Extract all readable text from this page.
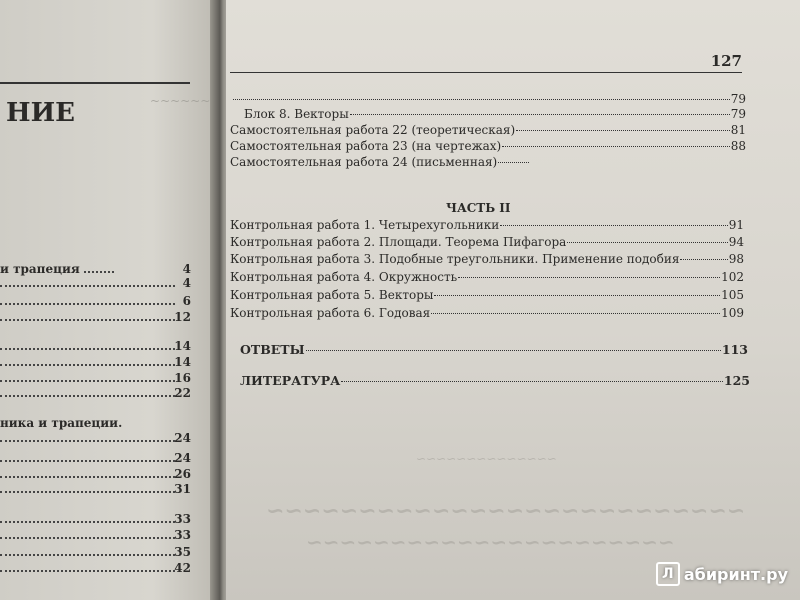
~~~~~~
НИЕ
и трапеция	4
4
6
12
14
14
16
22
ника и трапеции.
24
24
26
31
33
33
35
42
127
79
Блок 8. Векторы	79
Самостоятельная работа 22 (теоретическая)	81
Самостоятельная работа 23 (на чертежах)	88
Самостоятельная работа 24 (письменная)
ЧАСТЬ II
Контрольная работа 1. Четырехугольники	91
Контрольная работа 2. Площади. Теорема Пифагора	94
Контрольная работа 3. Подобные треугольники. Применение подобия	98
Контрольная работа 4. Окружность	102
Контрольная работа 5. Векторы	105
Контрольная работа 6. Годовая	109
ОТВЕТЫ	113
ЛИТЕРАТУРА	125
~~~~~~~~~~~~~~
~~~~~~~~~~~~~~~~~~~~~~~~~~
~~~~~~~~~~~~~~~~~~~~~~
Л абиринт.ру
